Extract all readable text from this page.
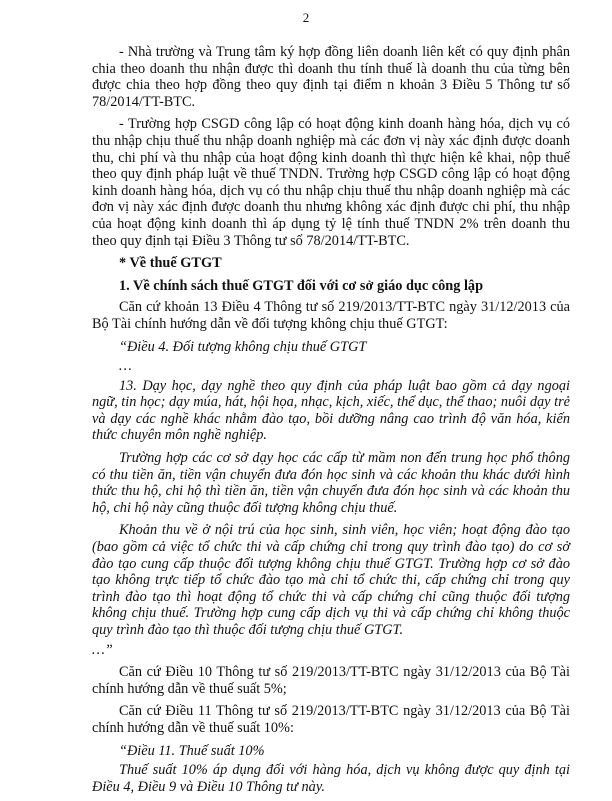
2

- Nhà trường và Trung tâm ký hợp đồng liên doanh liên kết có quy định phân chia theo doanh thu nhận được thì doanh thu tính thuế là doanh thu của từng bên được chia theo hợp đồng theo quy định tại điểm n khoản 3 Điều 5 Thông tư số 78/2014/TT-BTC.

- Trường hợp CSGD công lập có hoạt động kinh doanh hàng hóa, dịch vụ có thu nhập chịu thuế thu nhập doanh nghiệp mà các đơn vị này xác định được doanh thu, chi phí và thu nhập của hoạt động kinh doanh thì thực hiện kê khai, nộp thuế theo quy định pháp luật về thuế TNDN. Trường hợp CSGD công lập có hoạt động kinh doanh hàng hóa, dịch vụ có thu nhập chịu thuế thu nhập doanh nghiệp mà các đơn vị này xác định được doanh thu nhưng không xác định được chi phí, thu nhập của hoạt động kinh doanh thì áp dụng tỷ lệ tính thuế TNDN 2% trên doanh thu theo quy định tại Điều 3 Thông tư số 78/2014/TT-BTC.

* Về thuế GTGT

1. Về chính sách thuế GTGT đối với cơ sở giáo dục công lập

Căn cứ khoản 13 Điều 4 Thông tư số 219/2013/TT-BTC ngày 31/12/2013 của Bộ Tài chính hướng dẫn về đối tượng không chịu thuế GTGT:

“Điều 4. Đối tượng không chịu thuế GTGT

…

13. Dạy học, dạy nghề theo quy định của pháp luật bao gồm cả dạy ngoại ngữ, tin học; dạy múa, hát, hội họa, nhạc, kịch, xiếc, thể dục, thể thao; nuôi dạy trẻ và dạy các nghề khác nhằm đào tạo, bồi dưỡng nâng cao trình độ văn hóa, kiến thức chuyên môn nghề nghiệp.

Trường hợp các cơ sở dạy học các cấp từ mầm non đến trung học phổ thông có thu tiền ăn, tiền vận chuyển đưa đón học sinh và các khoản thu khác dưới hình thức thu hộ, chi hộ thì tiền ăn, tiền vận chuyển đưa đón học sinh và các khoản thu hộ, chi hộ này cũng thuộc đối tượng không chịu thuế.

Khoản thu về ở nội trú của học sinh, sinh viên, học viên; hoạt động đào tạo (bao gồm cả việc tổ chức thi và cấp chứng chỉ trong quy trình đào tạo) do cơ sở đào tạo cung cấp thuộc đối tượng không chịu thuế GTGT. Trường hợp cơ sở đào tạo không trực tiếp tổ chức đào tạo mà chỉ tổ chức thi, cấp chứng chỉ trong quy trình đào tạo thì hoạt động tổ chức thi và cấp chứng chỉ cũng thuộc đối tượng không chịu thuế. Trường hợp cung cấp dịch vụ thi và cấp chứng chỉ không thuộc quy trình đào tạo thì thuộc đối tượng chịu thuế GTGT.

…”

Căn cứ Điều 10 Thông tư số 219/2013/TT-BTC ngày 31/12/2013 của Bộ Tài chính hướng dẫn về thuế suất 5%;

Căn cứ Điều 11 Thông tư số 219/2013/TT-BTC ngày 31/12/2013 của Bộ Tài chính hướng dẫn về thuế suất 10%:

“Điều 11. Thuế suất 10%

Thuế suất 10% áp dụng đối với hàng hóa, dịch vụ không được quy định tại Điều 4, Điều 9 và Điều 10 Thông tư này.
